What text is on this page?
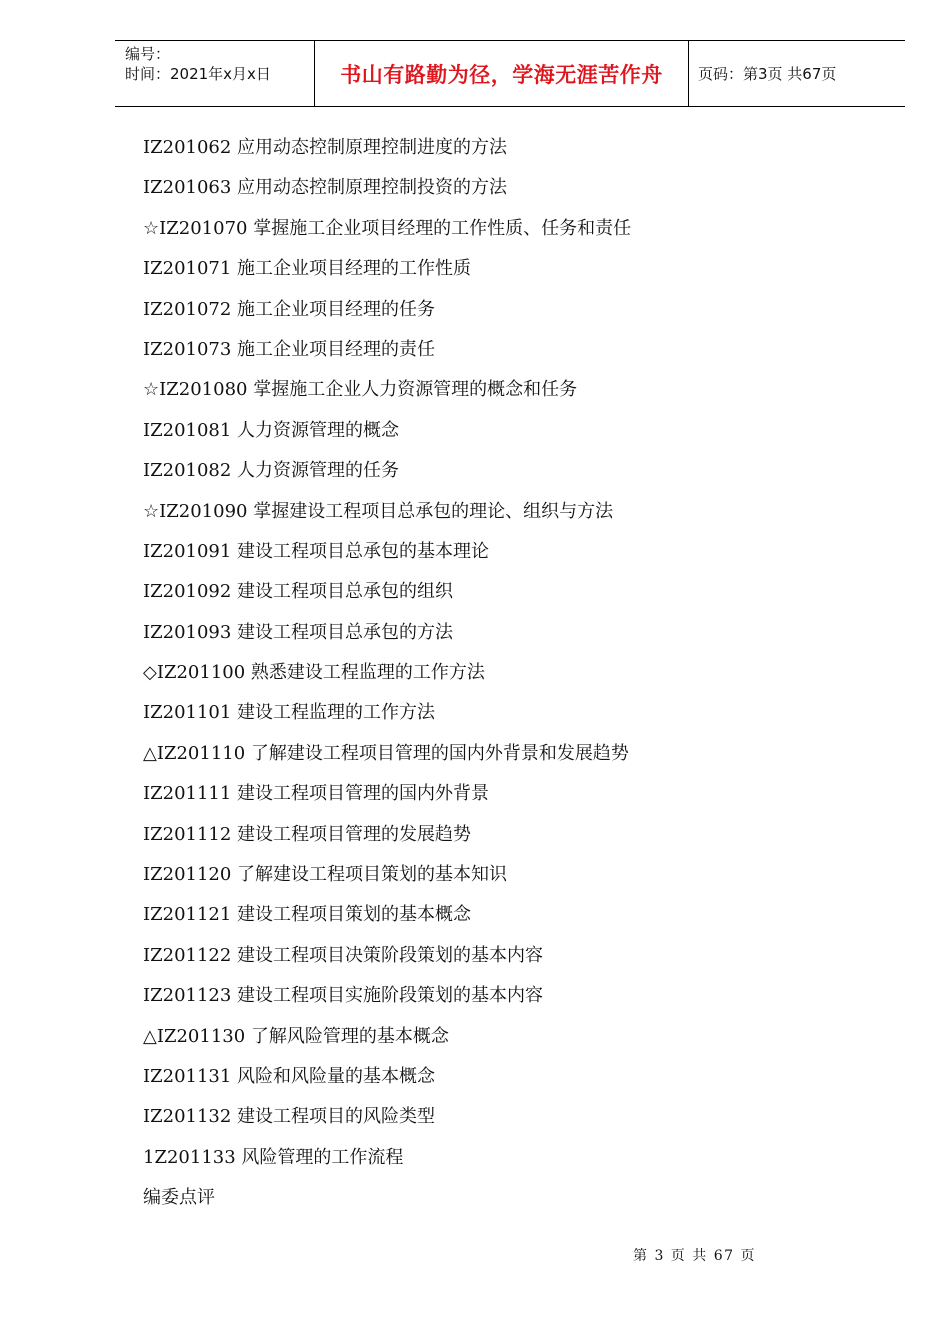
编号：
时间：2021年x月x日	书山有路勤为径，学海无涯苦作舟	页码：第3页 共67页
IZ201062 应用动态控制原理控制进度的方法
IZ201063 应用动态控制原理控制投资的方法
☆IZ201070 掌握施工企业项目经理的工作性质、任务和责任
IZ201071 施工企业项目经理的工作性质
IZ201072 施工企业项目经理的任务
IZ201073 施工企业项目经理的责任
☆IZ201080 掌握施工企业人力资源管理的概念和任务
IZ201081 人力资源管理的概念
IZ201082 人力资源管理的任务
☆IZ201090 掌握建设工程项目总承包的理论、组织与方法
IZ201091 建设工程项目总承包的基本理论
IZ201092 建设工程项目总承包的组织
IZ201093 建设工程项目总承包的方法
◇IZ201100 熟悉建设工程监理的工作方法
IZ201101 建设工程监理的工作方法
△IZ201110 了解建设工程项目管理的国内外背景和发展趋势
IZ201111 建设工程项目管理的国内外背景
IZ201112 建设工程项目管理的发展趋势
IZ201120 了解建设工程项目策划的基本知识
IZ201121 建设工程项目策划的基本概念
IZ201122 建设工程项目决策阶段策划的基本内容
IZ201123 建设工程项目实施阶段策划的基本内容
△IZ201130 了解风险管理的基本概念
IZ201131 风险和风险量的基本概念
IZ201132 建设工程项目的风险类型
1Z201133 风险管理的工作流程
编委点评
第 3 页 共 67 页
